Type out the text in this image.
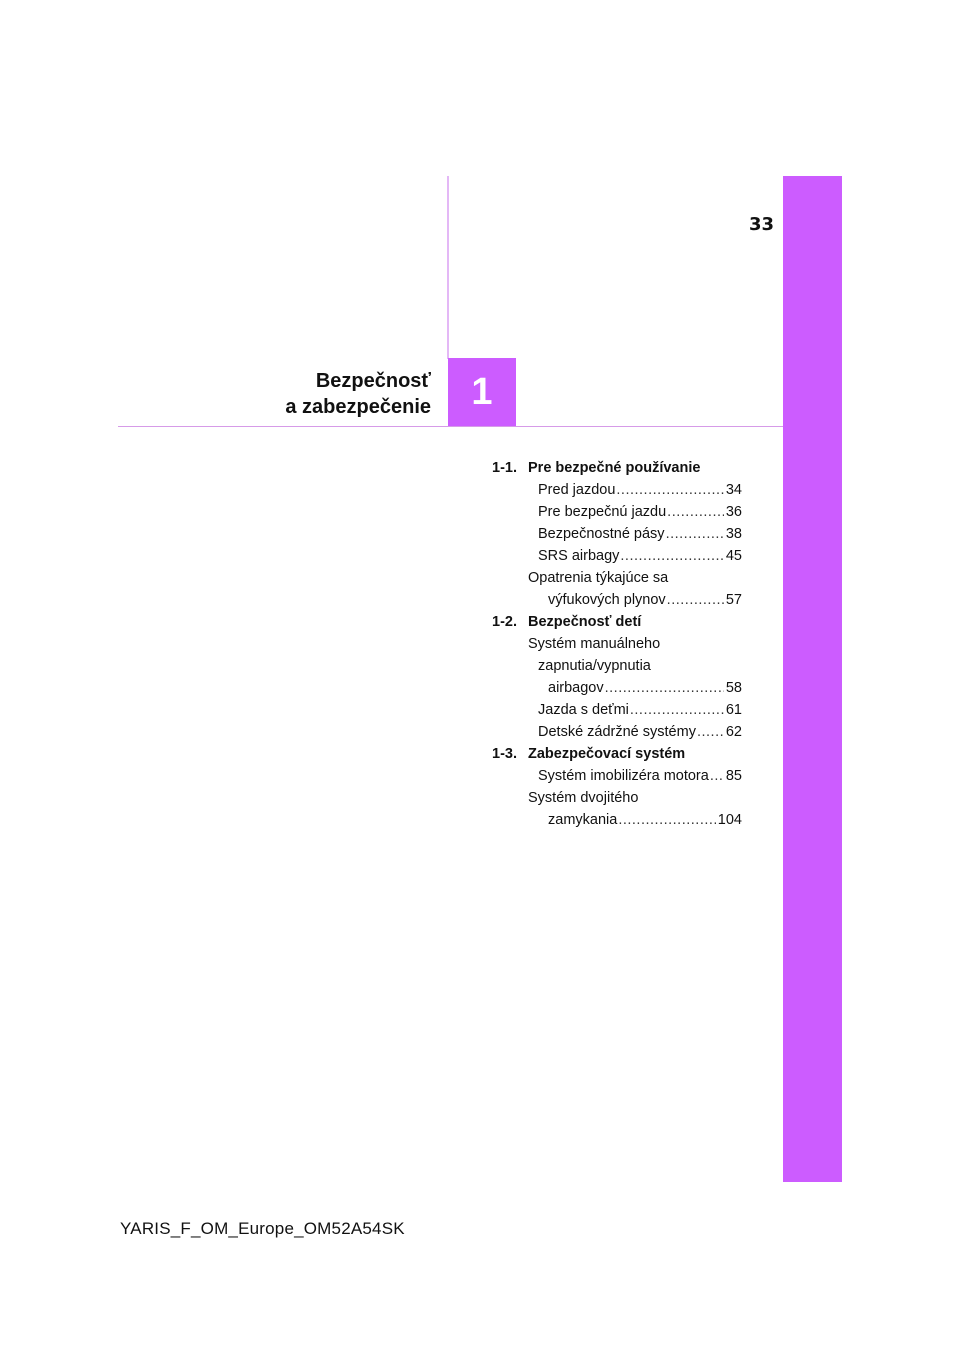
33
1
Bezpečnosť
a zabezpečenie
1-1. Pre bezpečné používanie
Pred jazdou .....	34
Pre bezpečnú jazdu .....	36
Bezpečnostné pásy .....	38
SRS airbagy .....	45
Opatrenia týkajúce sa
výfukových plynov .....	57
1-2. Bezpečnosť detí
Systém manuálneho
zapnutia/vypnutia
airbagov .....	58
Jazda s deťmi .....	61
Detské zádržné systémy ..... 62
1-3. Zabezpečovací systém
Systém imobilizéra motora ..... 85
Systém dvojitého
zamykania .....	104
YARIS_F_OM_Europe_OM52A54SK
